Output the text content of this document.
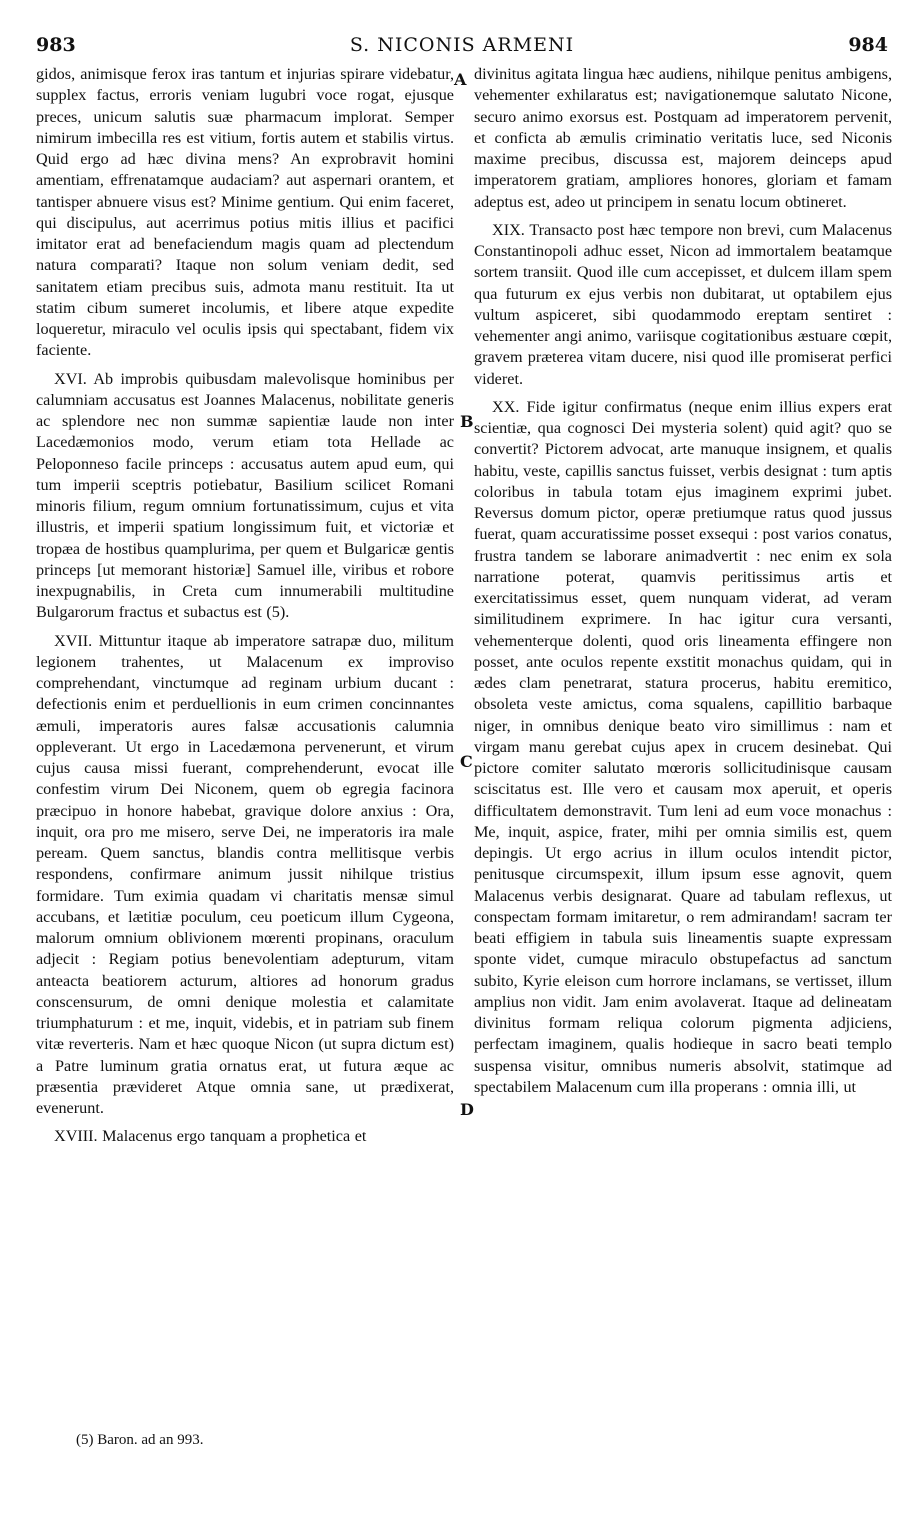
983	S. NICONIS ARMENI	984

gidos, animisque ferox iras tantum et injurias spirare videbatur, supplex factus, erroris veniam lugubri voce rogat, ejusque preces, unicum salutis suæ pharmacum implorat. Semper nimirum imbecilla res est vitium, fortis autem et stabilis virtus. Quid ergo ad hæc divina mens? An exprobravit homini amentiam, effrenatamque audaciam? aut aspernari orantem, et tantisper abnuere visus est? Minime gentium. Qui enim faceret, qui discipulus, aut acerrimus potius mitis illius et pacifici imitator erat ad benefaciendum magis quam ad plectendum natura comparati? Itaque non solum veniam dedit, sed sanitatem etiam precibus suis, admota manu restituit. Ita ut statim cibum sumeret incolumis, et libere atque expedite loqueretur, miraculo vel oculis ipsis qui spectabant, fidem vix faciente.

XVI. Ab improbis quibusdam malevolisque hominibus per calumniam accusatus est Joannes Malacenus, nobilitate generis ac splendore nec non summæ sapientiæ laude non inter Lacedæmonios modo, verum etiam tota Hellade ac Peloponneso facile princeps : accusatus autem apud eum, qui tum imperii sceptris potiebatur, Basilium scilicet Romani minoris filium, regum omnium fortunatissimum, cujus et vita illustris, et imperii spatium longissimum fuit, et victoriæ et tropæa de hostibus quamplurima, per quem et Bulgaricæ gentis princeps [ut memorant historiæ] Samuel ille, viribus et robore inexpugnabilis, in Creta cum innumerabili multitudine Bulgarorum fractus et subactus est (5).

XVII. Mittuntur itaque ab imperatore satrapæ duo, militum legionem trahentes, ut Malacenum ex improviso comprehendant, vinctumque ad reginam urbium ducant : defectionis enim et perduellionis in eum crimen concinnantes æmuli, imperatoris aures falsæ accusationis calumnia oppleverant. Ut ergo in Lacedæmona pervenerunt, et virum cujus causa missi fuerant, comprehenderunt, evocat ille confestim virum Dei Niconem, quem ob egregia facinora præcipuo in honore habebat, gravique dolore anxius : Ora, inquit, ora pro me misero, serve Dei, ne imperatoris ira male peream. Quem sanctus, blandis contra mellitisque verbis respondens, confirmare animum jussit nihilque tristius formidare. Tum eximia quadam vi charitatis mensæ simul accubans, et lætitiæ poculum, ceu poeticum illum Cygeona, malorum omnium oblivionem mœrenti propinans, oraculum adjecit : Regiam potius benevolentiam adepturum, vitam anteacta beatiorem acturum, altiores ad honorum gradus conscensurum, de omni denique molestia et calamitate triumphaturum : et me, inquit, videbis, et in patriam sub finem vitæ reverteris. Nam et hæc quoque Nicon (ut supra dictum est) a Patre luminum gratia ornatus erat, ut futura æque ac præsentia prævideret Atque omnia sane, ut prædixerat, evenerunt.

XVIII. Malacenus ergo tanquam a prophetica et

divinitus agitata lingua hæc audiens, nihilque penitus ambigens, vehementer exhilaratus est; navigationemque salutato Nicone, securo animo exorsus est. Postquam ad imperatorem pervenit, et conficta ab æmulis criminatio veritatis luce, sed Niconis maxime precibus, discussa est, majorem deinceps apud imperatorem gratiam, ampliores honores, gloriam et famam adeptus est, adeo ut principem in senatu locum obtineret.

XIX. Transacto post hæc tempore non brevi, cum Malacenus Constantinopoli adhuc esset, Nicon ad immortalem beatamque sortem transiit. Quod ille cum accepisset, et dulcem illam spem qua futurum ex ejus verbis non dubitarat, ut optabilem ejus vultum aspiceret, sibi quodammodo ereptam sentiret : vehementer angi animo, variisque cogitationibus æstuare cœpit, gravem præterea vitam ducere, nisi quod ille promiserat perfici videret.

XX. Fide igitur confirmatus (neque enim illius expers erat scientiæ, qua cognosci Dei mysteria solent) quid agit? quo se convertit? Pictorem advocat, arte manuque insignem, et qualis habitu, veste, capillis sanctus fuisset, verbis designat : tum aptis coloribus in tabula totam ejus imaginem exprimi jubet. Reversus domum pictor, operæ pretiumque ratus quod jussus fuerat, quam accuratissime posset exsequi : post varios conatus, frustra tandem se laborare animadvertit : nec enim ex sola narratione poterat, quamvis peritissimus artis et exercitatissimus esset, quem nunquam viderat, ad veram similitudinem exprimere. In hac igitur cura versanti, vehementerque dolenti, quod oris lineamenta effingere non posset, ante oculos repente exstitit monachus quidam, qui in ædes clam penetrarat, statura procerus, habitu eremitico, obsoleta veste amictus, coma squalens, capillitio barbaque niger, in omnibus denique beato viro simillimus : nam et virgam manu gerebat cujus apex in crucem desinebat. Qui pictore comiter salutato mœroris sollicitudinisque causam sciscitatus est. Ille vero et causam mox aperuit, et operis difficultatem demonstravit. Tum leni ad eum voce monachus : Me, inquit, aspice, frater, mihi per omnia similis est, quem depingis. Ut ergo acrius in illum oculos intendit pictor, penitusque circumspexit, illum ipsum esse agnovit, quem Malacenus verbis designarat. Quare ad tabulam reflexus, ut conspectam formam imitaretur, o rem admirandam! sacram ter beati effigiem in tabula suis lineamentis suapte expressam sponte videt, cumque miraculo obstupefactus ad sanctum subito, Kyrie eleison cum horrore inclamans, se vertisset, illum amplius non vidit. Jam enim avolaverat. Itaque ad delineatam divinitus formam reliqua colorum pigmenta adjiciens, perfectam imaginem, qualis hodieque in sacro beati templo suspensa visitur, omnibus numeris absolvit, statimque ad spectabilem Malacenum cum illa properans : omnia illi, ut

A
B
C
D
(5) Baron. ad an 993.
